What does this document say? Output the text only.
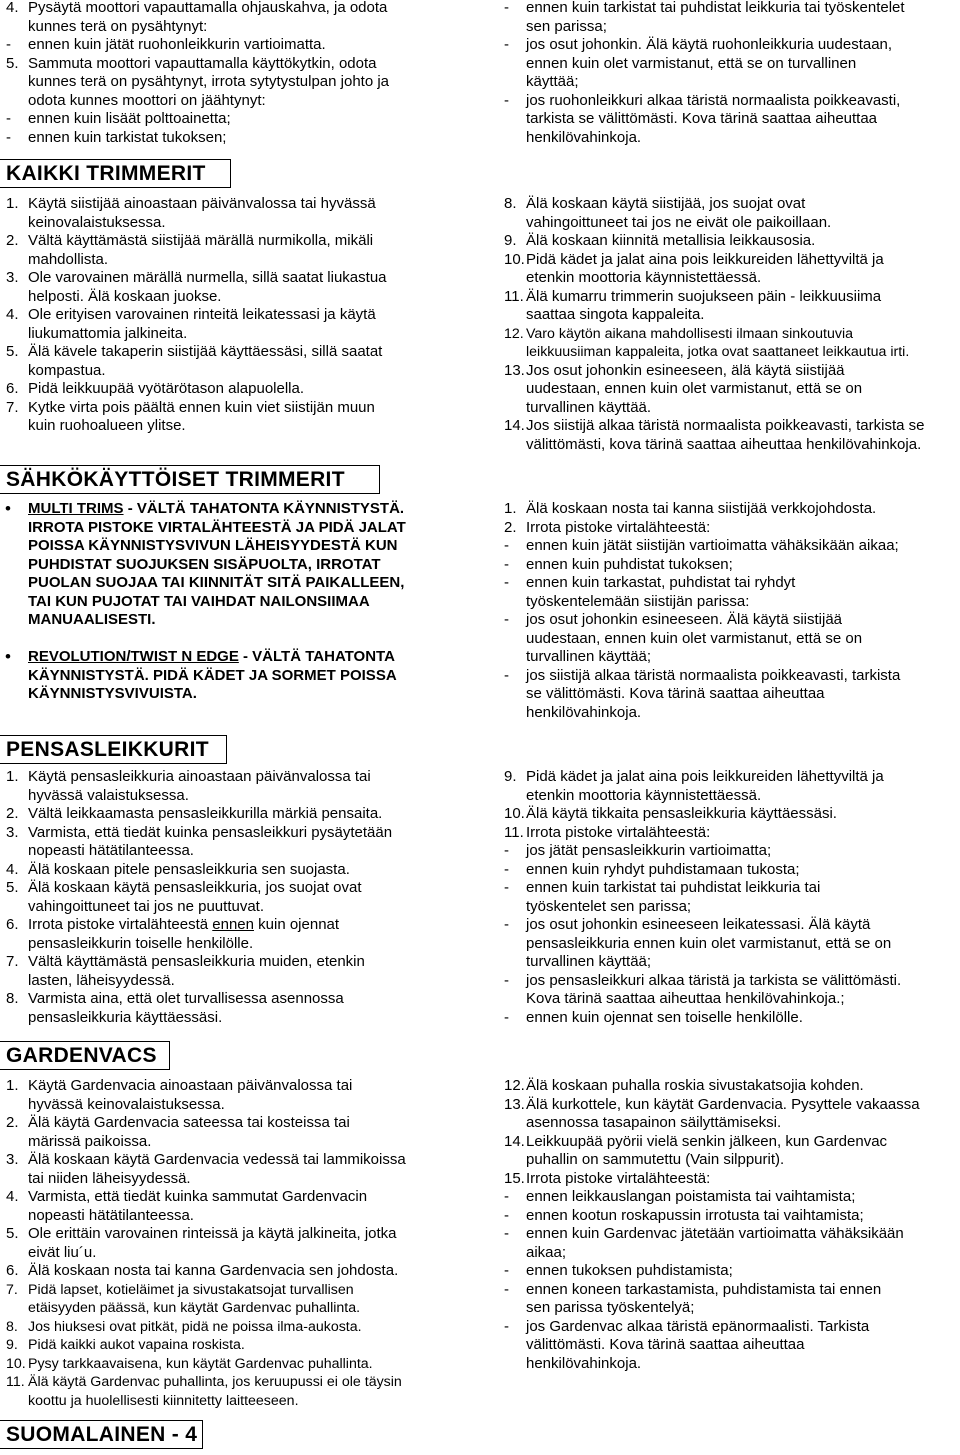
4. Pysäytä moottori vapauttamalla ohjauskahva, ja odota
kunnes terä on pysähtynyt:
-	ennen kuin jätät ruohonleikkurin vartioimatta.
5. Sammuta moottori vapauttamalla käyttökytkin, odota
kunnes terä on pysähtynyt, irrota sytytystulpan johto ja
odota kunnes moottori on jäähtynyt:
-	ennen kuin lisäät polttoainetta;
-	ennen kuin tarkistat tukoksen;
-	ennen kuin tarkistat tai puhdistat leikkuria tai työskentelet
sen parissa;
-	jos osut johonkin. Älä käytä ruohonleikkuria uudestaan,
ennen kuin olet varmistanut, että se on turvallinen
käyttää;
-	jos ruohonleikkuri alkaa täristä normaalista poikkeavasti,
tarkista se välittömästi. Kova tärinä saattaa aiheuttaa
henkilövahinkoja.
KAIKKI TRIMMERIT
1. Käytä siistijää ainoastaan päivänvalossa tai hyvässä
keinovalaistuksessa.
2. Vältä käyttämästä siistijää märällä nurmikolla, mikäli
mahdollista.
3. Ole varovainen märällä nurmella, sillä saatat liukastua
helposti. Älä koskaan juokse.
4. Ole erityisen varovainen rinteitä leikatessasi ja käytä
liukumattomia jalkineita.
5. Älä kävele takaperin siistijää käyttäessäsi, sillä saatat
kompastua.
6. Pidä leikkuupää vyötärötason alapuolella.
7. Kytke virta pois päältä ennen kuin viet siistijän muun
kuin ruohoalueen ylitse.
8. Älä koskaan käytä siistijää, jos suojat ovat
vahingoittuneet tai jos ne eivät ole paikoillaan.
9. Älä koskaan kiinnitä metallisia leikkausosia.
10. Pidä kädet ja jalat aina pois leikkureiden lähettyviltä ja
etenkin moottoria käynnistettäessä.
11. Älä kumarru trimmerin suojukseen päin - leikkuusiima
saattaa singota kappaleita.
12. Varo käytön aikana mahdollisesti ilmaan sinkoutuvia
leikkuusiiman kappaleita, jotka ovat saattaneet leikkautua irti.
13. Jos osut johonkin esineeseen, älä käytä siistijää
uudestaan, ennen kuin olet varmistanut, että se on
turvallinen käyttää.
14. Jos siistijä alkaa täristä normaalista poikkeavasti, tarkista se
välittömästi, kova tärinä saattaa aiheuttaa henkilövahinkoja.
SÄHKÖKÄYTTÖISET TRIMMERIT
•	MULTI TRIMS - VÄLTÄ TAHATONTA KÄYNNISTYSTÄ.
IRROTA PISTOKE VIRTALÄHTEESTÄ JA PIDÄ JALAT
POISSA KÄYNNISTYSVIVUN LÄHEISYYDESTÄ KUN
PUHDISTAT SUOJUKSEN SISÄPUOLTA, IRROTAT
PUOLAN SUOJAA TAI KIINNITÄT SITÄ PAIKALLEEN,
TAI KUN PUJOTAT TAI VAIHDAT NAILONSIIMAA
MANUAALISESTI.
•	REVOLUTION/TWIST N EDGE - VÄLTÄ TAHATONTA
KÄYNNISTYSTÄ. PIDÄ KÄDET JA SORMET POISSA
KÄYNNISTYSVIVUISTA.
1. Älä koskaan nosta tai kanna siistijää verkkojohdosta.
2. Irrota pistoke virtalähteestä:
-	ennen kuin jätät siistijän vartioimatta vähäksikään aikaa;
-	ennen kuin puhdistat tukoksen;
-	ennen kuin tarkastat, puhdistat tai ryhdyt
työskentelemään siistijän parissa:
-	jos osut johonkin esineeseen. Älä käytä siistijää
uudestaan, ennen kuin olet varmistanut, että se on
turvallinen käyttää;
-	jos siistijä alkaa täristä normaalista poikkeavasti, tarkista
se välittömästi. Kova tärinä saattaa aiheuttaa
henkilövahinkoja.
PENSASLEIKKURIT
1. Käytä pensasleikkuria ainoastaan päivänvalossa tai
hyvässä valaistuksessa.
2. Vältä leikkaamasta pensasleikkurilla märkiä pensaita.
3. Varmista, että tiedät kuinka pensasleikkuri pysäytetään
nopeasti hätätilanteessa.
4. Älä koskaan pitele pensasleikkuria sen suojasta.
5. Älä koskaan käytä pensasleikkuria, jos suojat ovat
vahingoittuneet tai jos ne puuttuvat.
6. Irrota pistoke virtalähteestä ennen kuin ojennat
pensasleikkurin toiselle henkilölle.
7. Vältä käyttämästä pensasleikkuria muiden, etenkin
lasten, läheisyydessä.
8. Varmista aina, että olet turvallisessa asennossa
pensasleikkuria käyttäessäsi.
9. Pidä kädet ja jalat aina pois leikkureiden lähettyviltä ja
etenkin moottoria käynnistettäessä.
10. Älä käytä tikkaita pensasleikkuria käyttäessäsi.
11. Irrota pistoke virtalähteestä:
-	jos jätät pensasleikkurin vartioimatta;
-	ennen kuin ryhdyt puhdistamaan tukosta;
-	ennen kuin tarkistat tai puhdistat leikkuria tai
työskentelet sen parissa;
-	jos osut johonkin esineeseen leikatessasi. Älä käytä
pensasleikkuria ennen kuin olet varmistanut, että se on
turvallinen käyttää;
-	jos pensasleikkuri alkaa täristä ja tarkista se välittömästi.
Kova tärinä saattaa aiheuttaa henkilövahinkoja.;
-	ennen kuin ojennat sen toiselle henkilölle.
GARDENVACS
1. Käytä Gardenvacia ainoastaan päivänvalossa tai
hyvässä keinovalaistuksessa.
2. Älä käytä Gardenvacia sateessa tai kosteissa tai
märissä paikoissa.
3. Älä koskaan käytä Gardenvacia vedessä tai lammikoissa
tai niiden läheisyydessä.
4. Varmista, että tiedät kuinka sammutat Gardenvacin
nopeasti hätätilanteessa.
5. Ole erittäin varovainen rinteissä ja käytä jalkineita, jotka
eivät liu´u.
6. Älä koskaan nosta tai kanna Gardenvacia sen johdosta.
7. Pidä lapset, kotieläimet ja sivustakatsojat turvallisen
etäisyyden päässä, kun käytät Gardenvac puhallinta.
8. Jos hiuksesi ovat pitkät, pidä ne poissa ilma-aukosta.
9. Pidä kaikki aukot vapaina roskista.
10. Pysy tarkkaavaisena, kun käytät Gardenvac puhallinta.
11. Älä käytä Gardenvac puhallinta, jos keruupussi ei ole täysin
koottu ja huolellisesti kiinnitetty laitteeseen.
12. Älä koskaan puhalla roskia sivustakatsojia kohden.
13. Älä kurkottele, kun käytät Gardenvacia. Pysyttele vakaassa
asennossa tasapainon säilyttämiseksi.
14. Leikkuupää pyörii vielä senkin jälkeen, kun Gardenvac
puhallin on sammutettu (Vain silppurit).
15. Irrota pistoke virtalähteestä:
-	ennen leikkauslangan poistamista tai vaihtamista;
-	ennen kootun roskapussin irrotusta tai vaihtamista;
-	ennen kuin Gardenvac jätetään vartioimatta vähäksikään
aikaa;
-	ennen tukoksen puhdistamista;
-	ennen koneen tarkastamista, puhdistamista tai ennen
sen parissa työskentelyä;
-	jos Gardenvac alkaa täristä epänormaalisti. Tarkista
välittömästi. Kova tärinä saattaa aiheuttaa
henkilövahinkoja.
SUOMALAINEN - 4
